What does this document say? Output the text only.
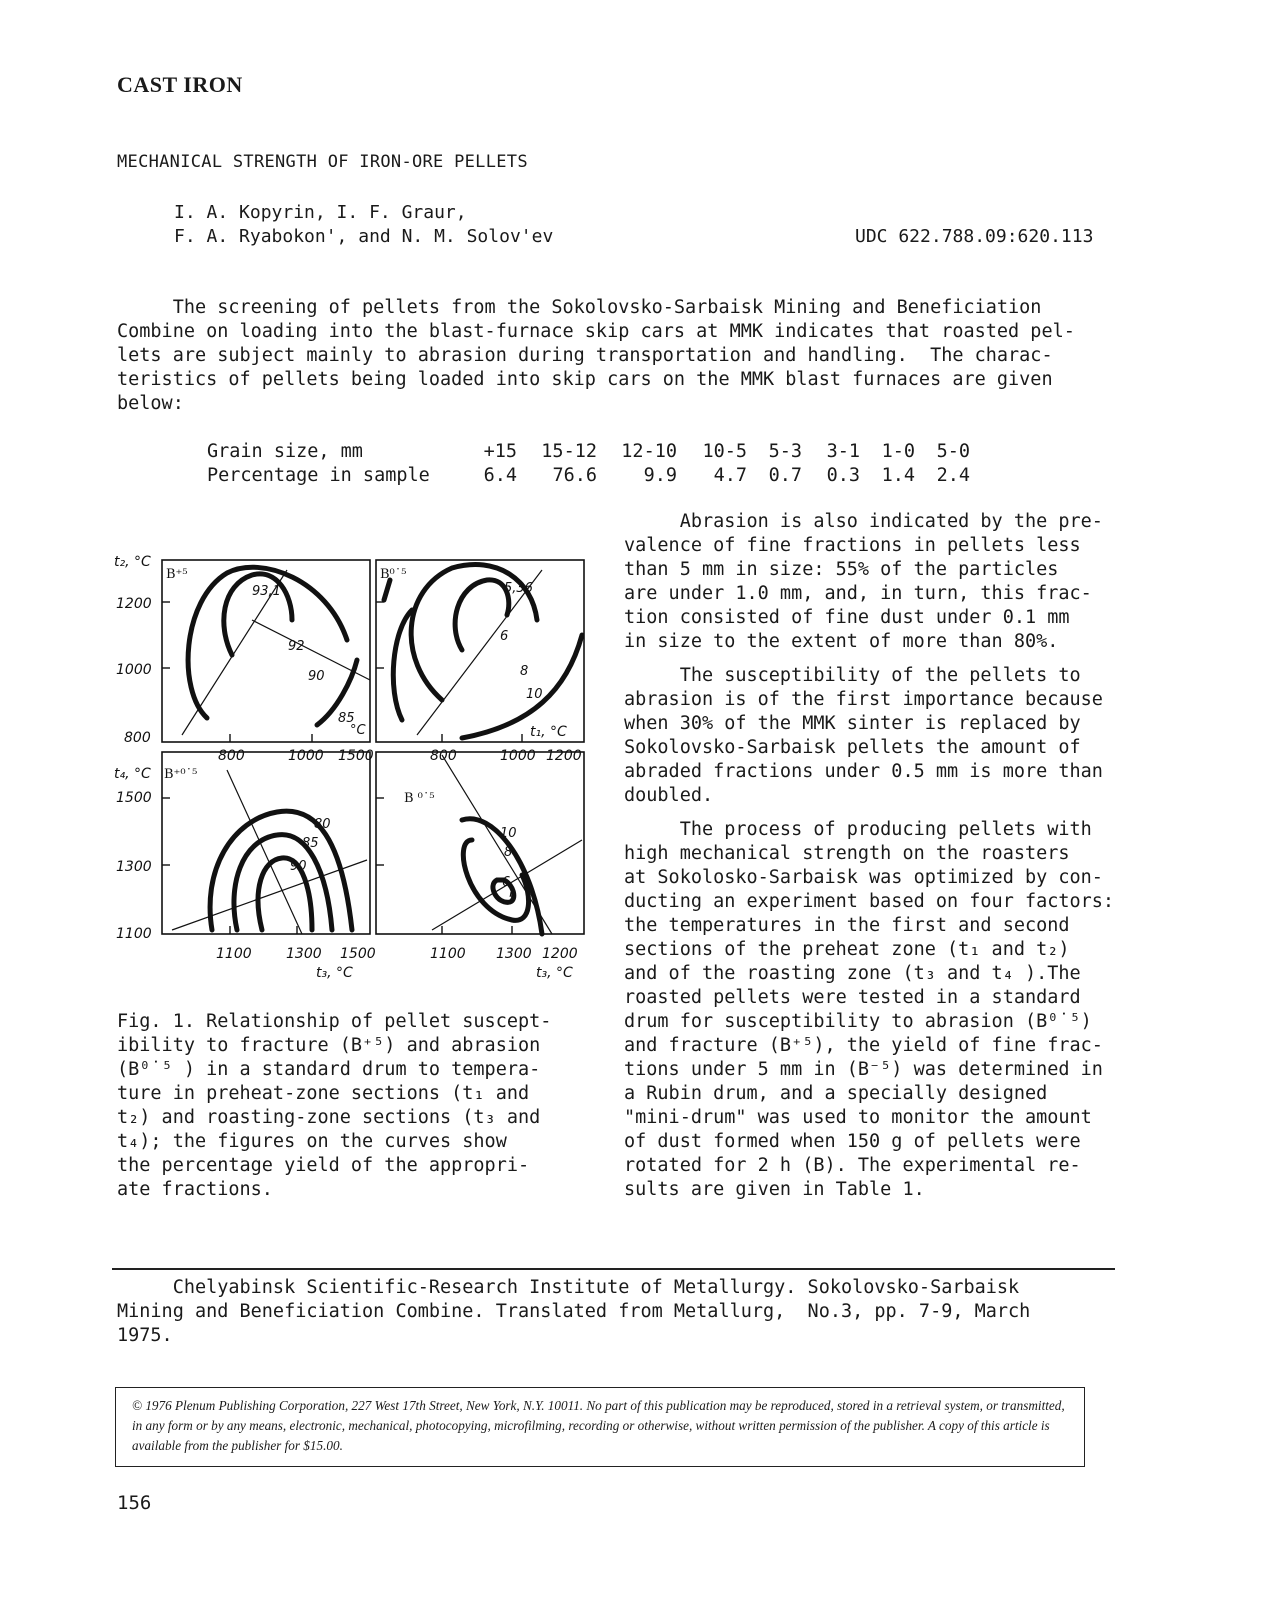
CAST IRON
MECHANICAL STRENGTH OF IRON-ORE PELLETS
I. A. Kopyrin, I. F. Graur,
F. A. Ryabokon', and N. M. Solov'ev	UDC 622.788.09:620.113
The screening of pellets from the Sokolovsko-Sarbaisk Mining and Beneficiation
Combine on loading into the blast-furnace skip cars at MMK indicates that roasted pel-
lets are subject mainly to abrasion during transportation and handling.  The charac-
teristics of pellets being loaded into skip cars on the MMK blast furnaces are given
below:
Grain size, mm	+15	15-12	12-10	10-5	5-3	3-1	1-0	5-0
Percentage in sample	6.4	76.6	9.9	4.7	0.7	0.3	1.4	2.4
Abrasion is also indicated by the pre-
valence of fine fractions in pellets less
than 5 mm in size: 55% of the particles
are under 1.0 mm, and, in turn, this frac-
tion consisted of fine dust under 0.1 mm
in size to the extent of more than 80%.
The susceptibility of the pellets to
abrasion is of the first importance because
when 30% of the MMK sinter is replaced by
Sokolovsko-Sarbaisk pellets the amount of
abraded fractions under 0.5 mm is more than
doubled.
The process of producing pellets with
high mechanical strength on the roasters
at Sokolosko-Sarbaisk was optimized by con-
ducting an experiment based on four factors:
the temperatures in the first and second
sections of the preheat zone (t₁ and t₂)
and of the roasting zone (t₃ and t₄ ).The
roasted pellets were tested in a standard
drum for susceptibility to abrasion (B⁰˙⁵)
and fracture (B⁺⁵), the yield of fine frac-
tions under 5 mm in (B⁻⁵) was determined in
a Rubin drum, and a specially designed
"mini-drum" was used to monitor the amount
of dust formed when 150 g of pellets were
rotated for 2 h (B). The experimental re-
sults are given in Table 1.
t₂, °C
t₄, °C
1200
1000
800
1500
1300
1100
800	1000 1500	800	1000 1200
t₁, °C
1100 1300 1500	1100 1300 1200
t₃, °C	t₃, °C
B⁺⁵	B⁰˙⁵
B⁺⁰˙⁵
B ⁰˙⁵
93,1
92
90
85
°C
5,36
6
8
10
80
85
90
10
8
6
5
Fig. 1. Relationship of pellet suscept-
ibility to fracture (B⁺⁵) and abrasion
(B⁰˙⁵ ) in a standard drum to tempera-
ture in preheat-zone sections (t₁ and
t₂) and roasting-zone sections (t₃ and
t₄); the figures on the curves show
the percentage yield of the appropri-
ate fractions.
Chelyabinsk Scientific-Research Institute of Metallurgy. Sokolovsko-Sarbaisk
Mining and Beneficiation Combine. Translated from Metallurg,  No.3, pp. 7-9, March
1975.
© 1976 Plenum Publishing Corporation, 227 West 17th Street, New York, N.Y. 10011. No part of this publication may be reproduced, stored in a retrieval system, or transmitted, in any form or by any means, electronic, mechanical, photocopying, microfilming, recording or otherwise, without written permission of the publisher. A copy of this article is available from the publisher for $15.00.
156
